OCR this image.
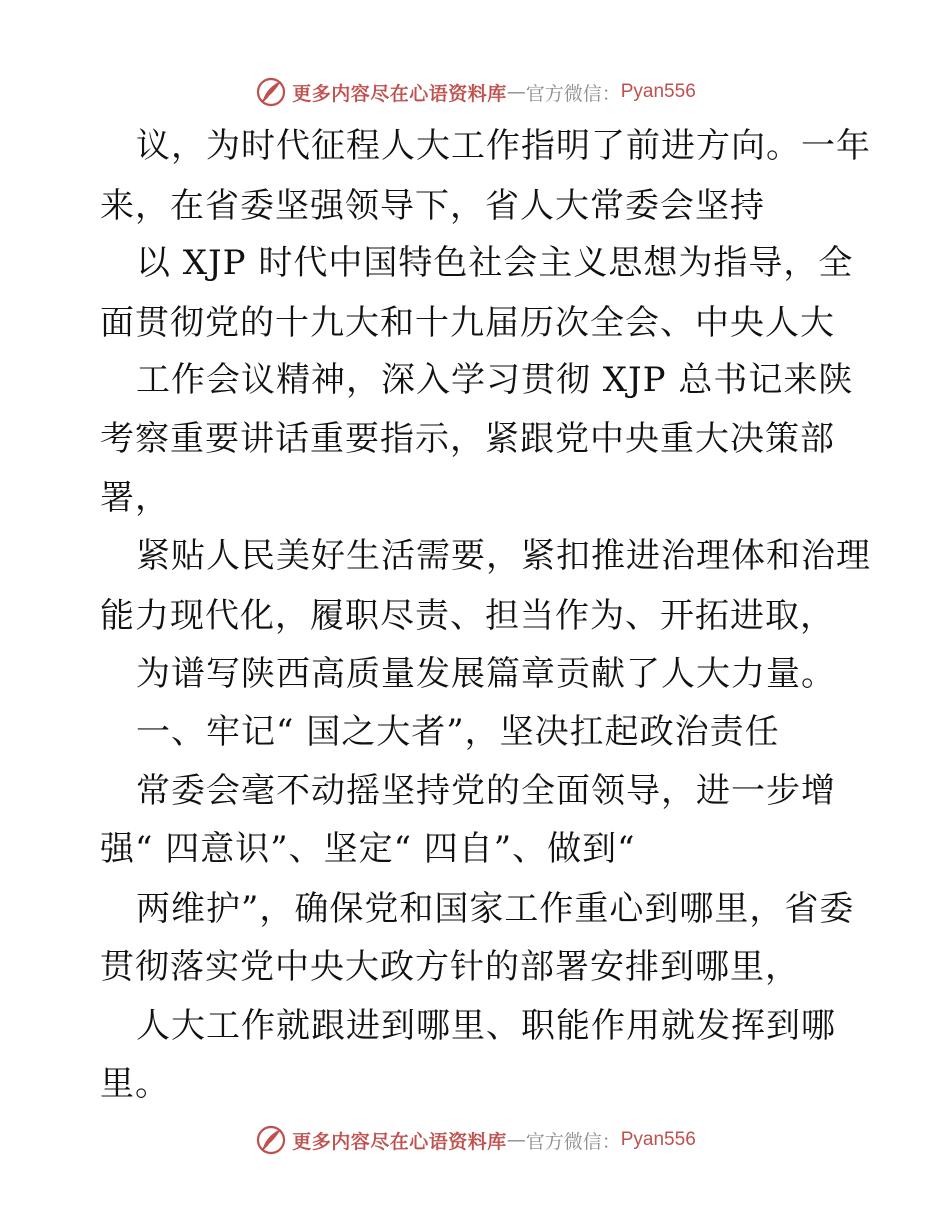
更多内容尽在心语资料库 — 官方微信： Pyan556
议，为时代征程人大工作指明了前进方向。一年
来，在省委坚强领导下，省人大常委会坚持
以 XJP 时代中国特色社会主义思想为指导，全
面贯彻党的十九大和十九届历次全会、中央人大
工作会议精神，深入学习贯彻 XJP 总书记来陕
考察重要讲话重要指示，紧跟党中央重大决策部
署，
紧贴人民美好生活需要，紧扣推进治理体和治理
能力现代化，履职尽责、担当作为、开拓进取，
为谱写陕西高质量发展篇章贡献了人大力量。
一、牢记“ 国之大者”，坚决扛起政治责任
常委会毫不动摇坚持党的全面领导，进一步增
强“ 四意识”、坚定“ 四自”、做到“
两维护”，确保党和国家工作重心到哪里，省委
贯彻落实党中央大政方针的部署安排到哪里，
人大工作就跟进到哪里、职能作用就发挥到哪
里。
更多内容尽在心语资料库 — 官方微信： Pyan556
